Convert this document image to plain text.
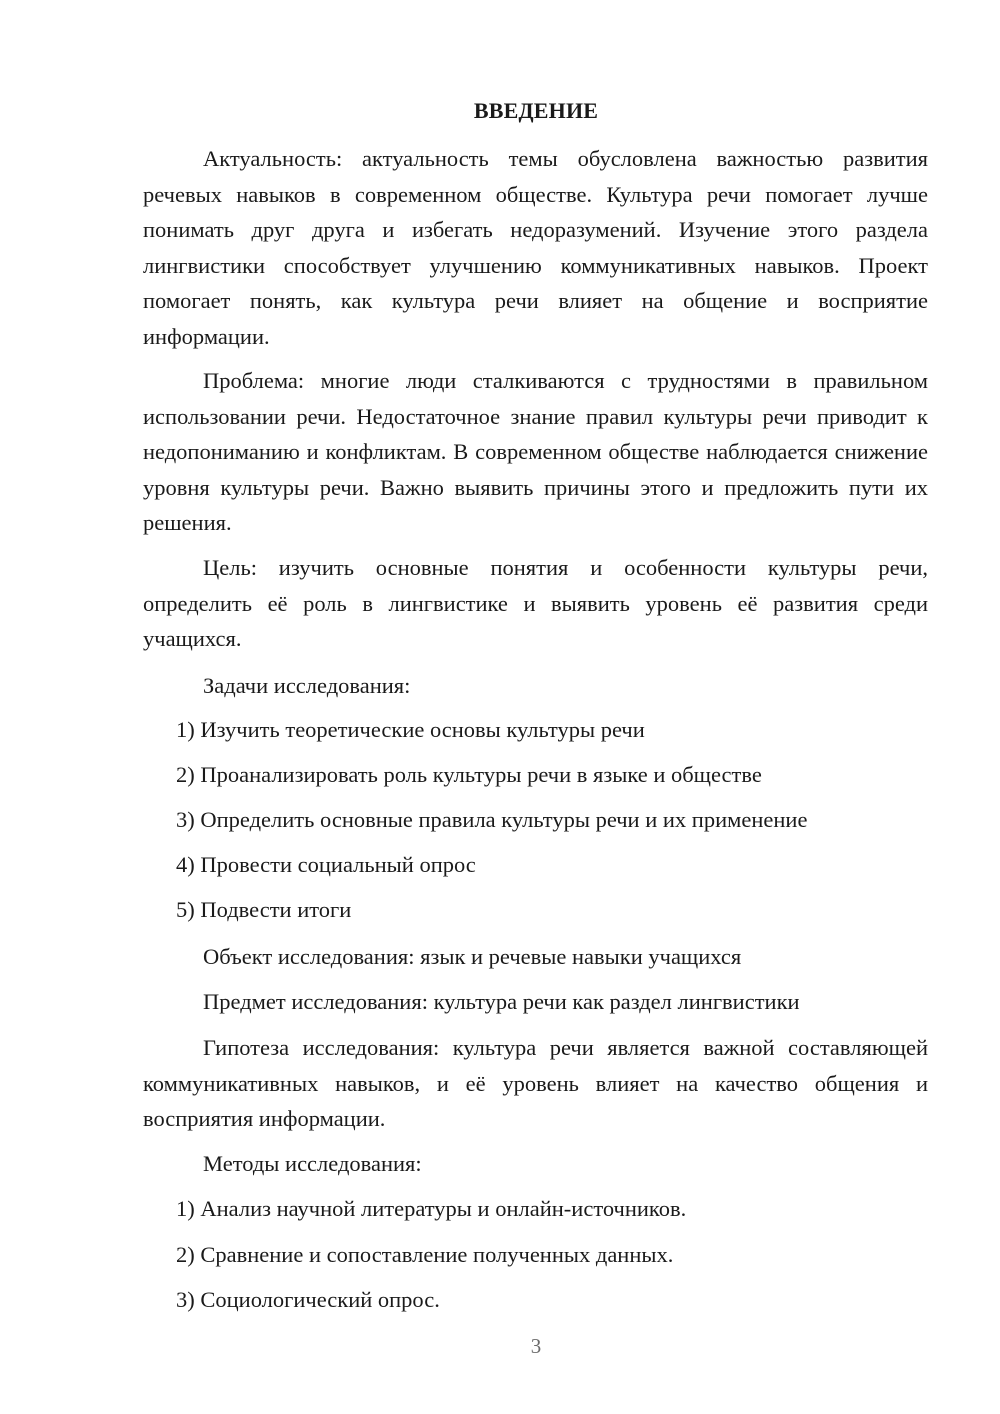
ВВЕДЕНИЕ

Актуальность: актуальность темы обусловлена важностью развития речевых навыков в современном обществе. Культура речи помогает лучше понимать друг друга и избегать недоразумений. Изучение этого раздела лингвистики способствует улучшению коммуникативных навыков. Проект помогает понять, как культура речи влияет на общение и восприятие информации.

Проблема: многие люди сталкиваются с трудностями в правильном использовании речи. Недостаточное знание правил культуры речи приводит к недопониманию и конфликтам. В современном обществе наблюдается снижение уровня культуры речи. Важно выявить причины этого и предложить пути их решения.

Цель: изучить основные понятия и особенности культуры речи, определить её роль в лингвистике и выявить уровень её развития среди учащихся.

Задачи исследования:

1) Изучить теоретические основы культуры речи

2) Проанализировать роль культуры речи в языке и обществе

3) Определить основные правила культуры речи и их применение

4) Провести социальный опрос

5) Подвести итоги

Объект исследования: язык и речевые навыки учащихся

Предмет исследования: культура речи как раздел лингвистики

Гипотеза исследования: культура речи является важной составляющей коммуникативных навыков, и её уровень влияет на качество общения и восприятия информации.

Методы исследования:

1) Анализ научной литературы и онлайн-источников.

2) Сравнение и сопоставление полученных данных.

3) Социологический опрос.

3
